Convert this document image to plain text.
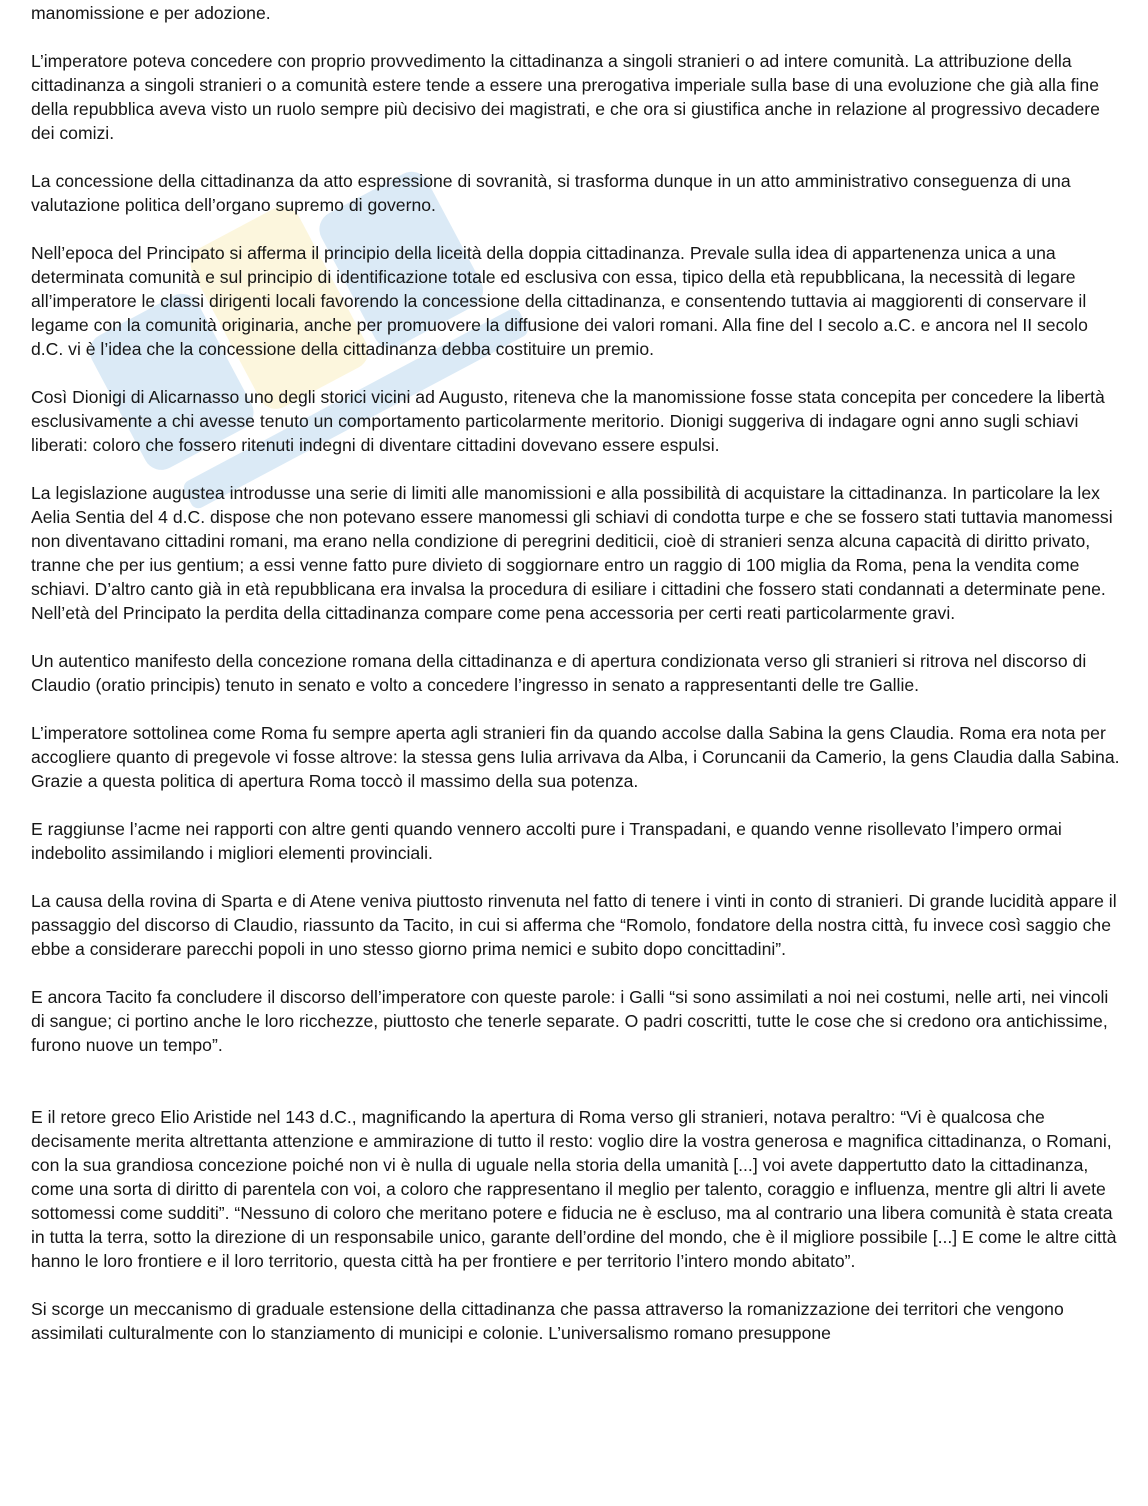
manomissione e per adozione.

L’imperatore poteva concedere con proprio provvedimento la cittadinanza a singoli stranieri o ad intere comunità. La attribuzione della cittadinanza a singoli stranieri o a comunità estere tende a essere una prerogativa imperiale sulla base di una evoluzione che già alla fine della repubblica aveva visto un ruolo sempre più decisivo dei magistrati, e che ora si giustifica anche in relazione al progressivo decadere dei comizi.

La concessione della cittadinanza da atto espressione di sovranità, si trasforma dunque in un atto amministrativo conseguenza di una valutazione politica dell’organo supremo di governo.

Nell’epoca del Principato si afferma il principio della liceità della doppia cittadinanza. Prevale sulla idea di appartenenza unica a una determinata comunità e sul principio di identificazione totale ed esclusiva con essa, tipico della età repubblicana, la necessità di legare all’imperatore le classi dirigenti locali favorendo la concessione della cittadinanza, e consentendo tuttavia ai maggiorenti di conservare il legame con la comunità originaria, anche per promuovere la diffusione dei valori romani. Alla fine del I secolo a.C. e ancora nel II secolo d.C. vi è l’idea che la concessione della cittadinanza debba costituire un premio.

Così Dionigi di Alicarnasso uno degli storici vicini ad Augusto, riteneva che la manomissione fosse stata concepita per concedere la libertà esclusivamente a chi avesse tenuto un comportamento particolarmente meritorio. Dionigi suggeriva di indagare ogni anno sugli schiavi liberati: coloro che fossero ritenuti indegni di diventare cittadini dovevano essere espulsi.

La legislazione augustea introdusse una serie di limiti alle manomissioni e alla possibilità di acquistare la cittadinanza. In particolare la lex Aelia Sentia del 4 d.C. dispose che non potevano essere manomessi gli schiavi di condotta turpe e che se fossero stati tuttavia manomessi non diventavano cittadini romani, ma erano nella condizione di peregrini dediticii, cioè di stranieri senza alcuna capacità di diritto privato, tranne che per ius gentium; a essi venne fatto pure divieto di soggiornare entro un raggio di 100 miglia da Roma, pena la vendita come schiavi. D’altro canto già in età repubblicana era invalsa la procedura di esiliare i cittadini che fossero stati condannati a determinate pene. Nell’età del Principato la perdita della cittadinanza compare come pena accessoria per certi reati particolarmente gravi.

Un autentico manifesto della concezione romana della cittadinanza e di apertura condizionata verso gli stranieri si ritrova nel discorso di Claudio (oratio principis) tenuto in senato e volto a concedere l’ingresso in senato a rappresentanti delle tre Gallie.

L’imperatore sottolinea come Roma fu sempre aperta agli stranieri fin da quando accolse dalla Sabina la gens Claudia. Roma era nota per accogliere quanto di pregevole vi fosse altrove: la stessa gens Iulia arrivava da Alba, i Coruncanii da Camerio, la gens Claudia dalla Sabina. Grazie a questa politica di apertura Roma toccò il massimo della sua potenza.

E raggiunse l’acme nei rapporti con altre genti quando vennero accolti pure i Transpadani, e quando venne risollevato l’impero ormai indebolito assimilando i migliori elementi provinciali.

La causa della rovina di Sparta e di Atene veniva piuttosto rinvenuta nel fatto di tenere i vinti in conto di stranieri. Di grande lucidità appare il passaggio del discorso di Claudio, riassunto da Tacito, in cui si afferma che “Romolo, fondatore della nostra città, fu invece così saggio che ebbe a considerare parecchi popoli in uno stesso giorno prima nemici e subito dopo concittadini”.

E ancora Tacito fa concludere il discorso dell’imperatore con queste parole: i Galli “si sono assimilati a noi nei costumi, nelle arti, nei vincoli di sangue; ci portino anche le loro ricchezze, piuttosto che tenerle separate. O padri coscritti, tutte le cose che si credono ora antichissime, furono nuove un tempo”.

E il retore greco Elio Aristide nel 143 d.C., magnificando la apertura di Roma verso gli stranieri, notava peraltro: “Vi è qualcosa che decisamente merita altrettanta attenzione e ammirazione di tutto il resto: voglio dire la vostra generosa e magnifica cittadinanza, o Romani, con la sua grandiosa concezione poiché non vi è nulla di uguale nella storia della umanità [...] voi avete dappertutto dato la cittadinanza, come una sorta di diritto di parentela con voi, a coloro che rappresentano il meglio per talento, coraggio e influenza, mentre gli altri li avete sottomessi come sudditi”. “Nessuno di coloro che meritano potere e fiducia ne è escluso, ma al contrario una libera comunità è stata creata in tutta la terra, sotto la direzione di un responsabile unico, garante dell’ordine del mondo, che è il migliore possibile [...] E come le altre città hanno le loro frontiere e il loro territorio, questa città ha per frontiere e per territorio l’intero mondo abitato”.

Si scorge un meccanismo di graduale estensione della cittadinanza che passa attraverso la romanizzazione dei territori che vengono assimilati culturalmente con lo stanziamento di municipi e colonie. L’universalismo romano presuppone
